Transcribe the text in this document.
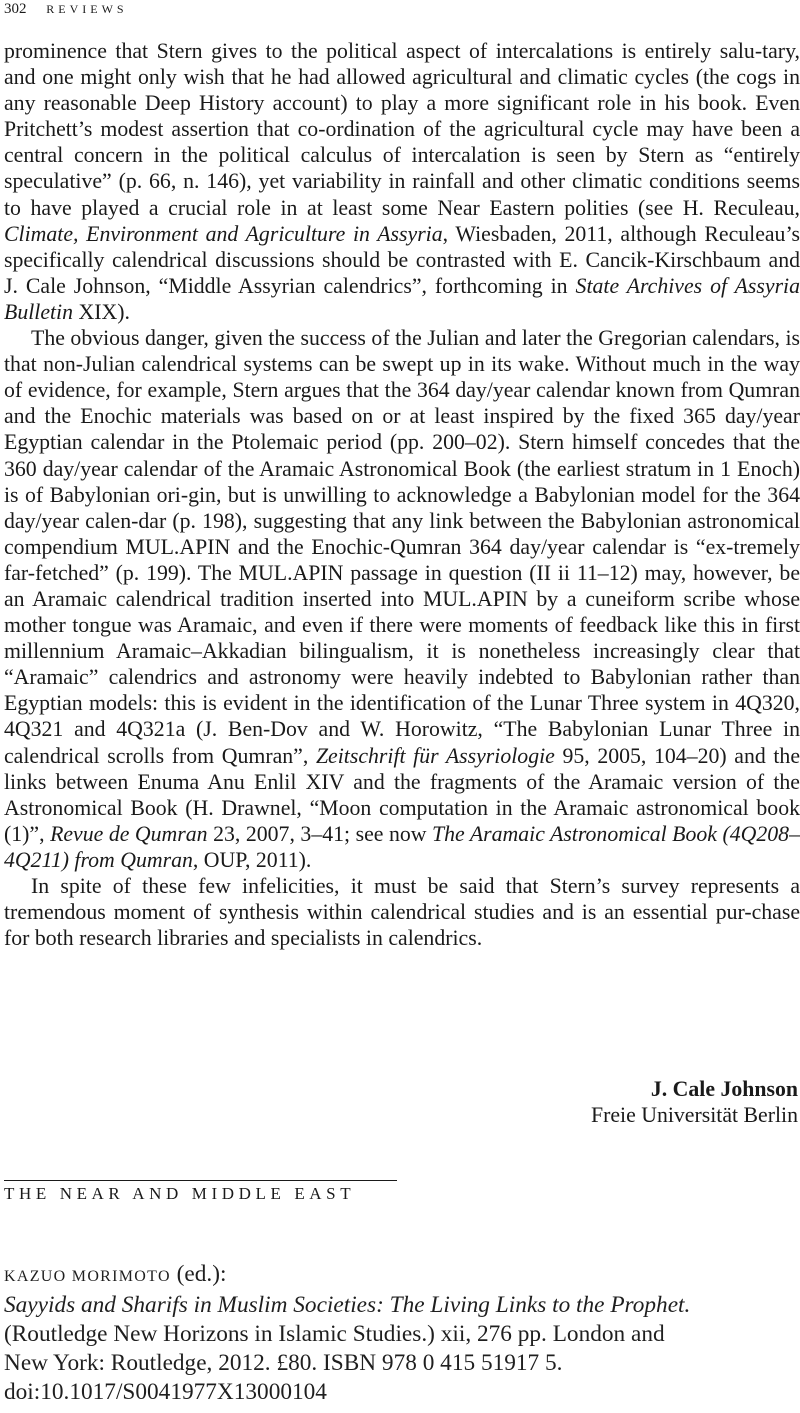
302 REVIEWS

prominence that Stern gives to the political aspect of intercalations is entirely salu-tary, and one might only wish that he had allowed agricultural and climatic cycles (the cogs in any reasonable Deep History account) to play a more significant role in his book. Even Pritchett’s modest assertion that co-ordination of the agricultural cycle may have been a central concern in the political calculus of intercalation is seen by Stern as “entirely speculative” (p. 66, n. 146), yet variability in rainfall and other climatic conditions seems to have played a crucial role in at least some Near Eastern polities (see H. Reculeau, Climate, Environment and Agriculture in Assyria, Wiesbaden, 2011, although Reculeau’s specifically calendrical discussions should be contrasted with E. Cancik-Kirschbaum and J. Cale Johnson, “Middle Assyrian calendrics”, forthcoming in State Archives of Assyria Bulletin XIX).

The obvious danger, given the success of the Julian and later the Gregorian calendars, is that non-Julian calendrical systems can be swept up in its wake. Without much in the way of evidence, for example, Stern argues that the 364 day/year calendar known from Qumran and the Enochic materials was based on or at least inspired by the fixed 365 day/year Egyptian calendar in the Ptolemaic period (pp. 200–02). Stern himself concedes that the 360 day/year calendar of the Aramaic Astronomical Book (the earliest stratum in 1 Enoch) is of Babylonian ori-gin, but is unwilling to acknowledge a Babylonian model for the 364 day/year calen-dar (p. 198), suggesting that any link between the Babylonian astronomical compendium MUL.APIN and the Enochic-Qumran 364 day/year calendar is “ex-tremely far-fetched” (p. 199). The MUL.APIN passage in question (II ii 11–12) may, however, be an Aramaic calendrical tradition inserted into MUL.APIN by a cuneiform scribe whose mother tongue was Aramaic, and even if there were moments of feedback like this in first millennium Aramaic–Akkadian bilingualism, it is nonetheless increasingly clear that “Aramaic” calendrics and astronomy were heavily indebted to Babylonian rather than Egyptian models: this is evident in the identification of the Lunar Three system in 4Q320, 4Q321 and 4Q321a (J. Ben-Dov and W. Horowitz, “The Babylonian Lunar Three in calendrical scrolls from Qumran”, Zeitschrift für Assyriologie 95, 2005, 104–20) and the links between Enuma Anu Enlil XIV and the fragments of the Aramaic version of the Astronomical Book (H. Drawnel, “Moon computation in the Aramaic astronomical book (1)”, Revue de Qumran 23, 2007, 3–41; see now The Aramaic Astronomical Book (4Q208–4Q211) from Qumran, OUP, 2011).

In spite of these few infelicities, it must be said that Stern’s survey represents a tremendous moment of synthesis within calendrical studies and is an essential pur-chase for both research libraries and specialists in calendrics.

J. Cale Johnson
Freie Universität Berlin
THE NEAR AND MIDDLE EAST
KAZUO MORIMOTO (ed.):
Sayyids and Sharifs in Muslim Societies: The Living Links to the Prophet.
(Routledge New Horizons in Islamic Studies.) xii, 276 pp. London and
New York: Routledge, 2012. £80. ISBN 978 0 415 51917 5.
doi:10.1017/S0041977X13000104
